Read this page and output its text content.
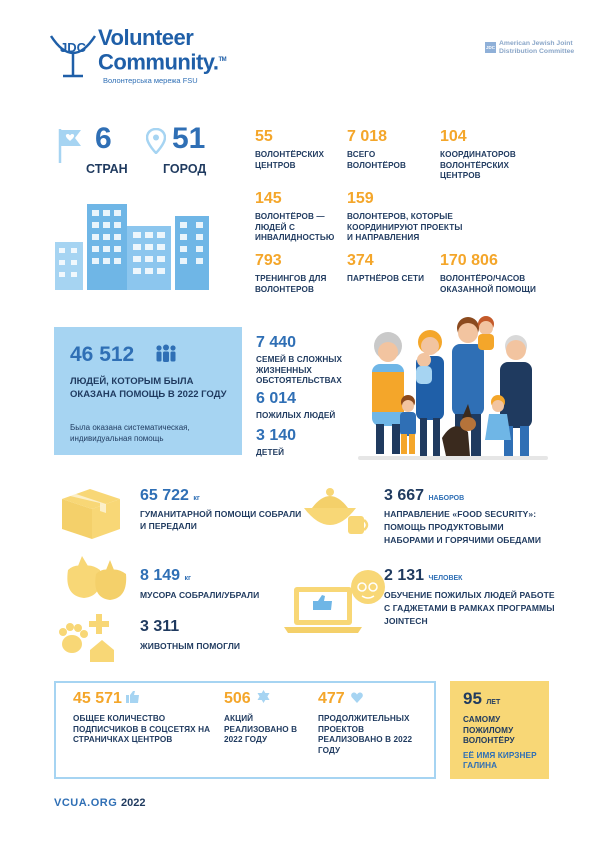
JDC Volunteer
Community.™
Волонтерська мережа FSU
JDC
American Jewish Joint Distribution Committee
6
СТРАН
51
ГОРОД
55
ВОЛОНТЁРСКИХ ЦЕНТРОВ
7 018
ВСЕГО ВОЛОНТЁРОВ
104
КООРДИНАТОРОВ ВОЛОНТЁРСКИХ ЦЕНТРОВ
145
ВОЛОНТЁРОВ — ЛЮДЕЙ С ИНВАЛИДНОСТЬЮ
159
ВОЛОНТЕРОВ, КОТОРЫЕ КООРДИНИРУЮТ ПРОЕКТЫ И НАПРАВЛЕНИЯ
793
ТРЕНИНГОВ ДЛЯ ВОЛОНТЕРОВ
374
ПАРТНЁРОВ СЕТИ
170 806
ВОЛОНТЁРО/ЧАСОВ ОКАЗАННОЙ ПОМОЩИ
46 512
ЛЮДЕЙ, КОТОРЫМ БЫЛА ОКАЗАНА ПОМОЩЬ В 2022 ГОДУ
Была оказана систематическая, индивидуальная помощь
7 440
СЕМЕЙ В СЛОЖНЫХ ЖИЗНЕННЫХ ОБСТОЯТЕЛЬСТВАХ
6 014
ПОЖИЛЫХ ЛЮДЕЙ
3 140
ДЕТЕЙ
65 722 кг
ГУМАНИТАРНОЙ ПОМОЩИ СОБРАЛИ И ПЕРЕДАЛИ
3 667 НАБОРОВ
НАПРАВЛЕНИЕ «FOOD SECURITY»: ПОМОЩЬ ПРОДУКТОВЫМИ НАБОРАМИ И ГОРЯЧИМИ ОБЕДАМИ
8 149 кг
МУСОРА СОБРАЛИ/УБРАЛИ
2 131 ЧЕЛОВЕК
ОБУЧЕНИЕ ПОЖИЛЫХ ЛЮДЕЙ РАБОТЕ С ГАДЖЕТАМИ В РАМКАХ ПРОГРАММЫ JOINTECH
3 311
ЖИВОТНЫМ ПОМОГЛИ
45 571
ОБЩЕЕ КОЛИЧЕСТВО ПОДПИСЧИКОВ В СОЦСЕТЯХ НА СТРАНИЧКАХ ЦЕНТРОВ
506
АКЦИЙ РЕАЛИЗОВАНО В 2022 ГОДУ
477
ПРОДОЛЖИТЕЛЬНЫХ ПРОЕКТОВ РЕАЛИЗОВАНО В 2022 ГОДУ
95 ЛЕТ
САМОМУ ПОЖИЛОМУ ВОЛОНТЁРУ
ЕЁ ИМЯ КИРЗНЕР ГАЛИНА
VCUA.ORG 2022
